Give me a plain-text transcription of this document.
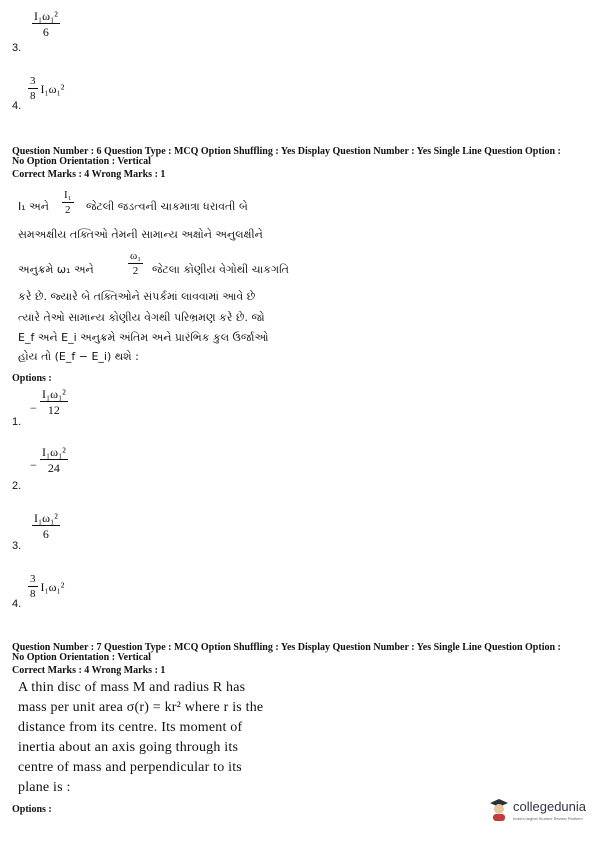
$\frac{\text{I₁ω₁²}}{6}$
3.
$\frac{3}{8} I_1\omega_1^2$
4.
Question Number : 6 Question Type : MCQ Option Shuffling : Yes Display Question Number : Yes Single Line Question Option :
No Option Orientation : Vertical
Correct Marks : 4 Wrong Marks : 1
I₁ અને $\frac{\text{I₁}}{2}$ જેટલી જડત્વની ચાકમાત્રા ધરાવતી બે
સમઅક્ષીય તક્તિઓ તેમની સામાન્ય અક્ષોને અનુલક્ષીને
અનુક્રમે ω₁ અને	$\frac{\text{ω₁}}{2}$ જેટલા કોણીય વેગોથી ચાકગતિ
કરે છે. જ્યારે બે તક્તિઓને સંપર્કમાં લાવવામાં આવે છે
ત્યારે તેઓ સામાન્ય કોણીય વેગથી પરિભ્રમણ કરે છે. જો
E_f અને E_i અનુક્રમે અંતિમ અને પ્રારંભિક કુલ ઉર્જાઓ
હોય તો (E_f − E_i) થશે :
Options :
− $\frac{\text{I₁ω₁²}}{12}$
1.
− $\frac{\text{I₁ω₁²}}{24}$
2.
$\frac{\text{I₁ω₁²}}{6}$
3.
$\frac{3}{8} I_1\omega_1^2$
4.
Question Number : 7 Question Type : MCQ Option Shuffling : Yes Display Question Number : Yes Single Line Question Option :
No Option Orientation : Vertical
Correct Marks : 4 Wrong Marks : 1
A thin disc of mass M and radius R has
mass per unit area σ(r) = kr² where r is the
distance from its centre. Its moment of
inertia about an axis going through its
centre of mass and perpendicular to its
plane is :
Options :	collegedunia
India's largest Student Review Platform
